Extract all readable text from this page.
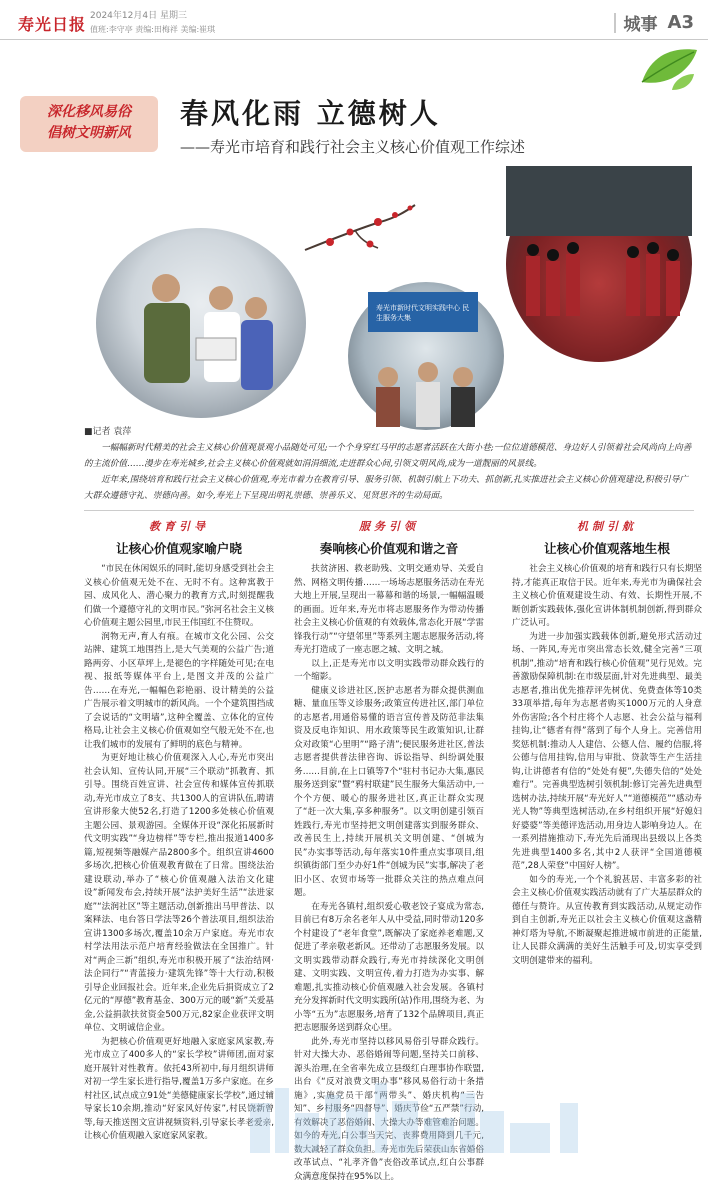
寿光日报 2024年12月4日 星期三
值班:李守亭 责编:田梅祥 美编:崔琪	城事 A3
深化移风易俗
倡树文明新风
春风化雨 立德树人
——寿光市培育和践行社会主义核心价值观工作综述
寿光市新时代文明实践中心 民生服务大集
■记者 袁萍

一幅幅新时代精美的社会主义核心价值观景观小品随处可见;一个个身穿红马甲的志愿者活跃在大街小巷;一位位道德模范、身边好人引领着社会风尚向上向善的主流价值……漫步在寿光城乡,社会主义核心价值观就如涓涓细流,走进群众心间,引领文明风尚,成为一道靓丽的风景线。

近年来,围绕培育和践行社会主义核心价值观,寿光市着力在教育引导、服务引领、机制引航上下功夫、抓创新,扎实推进社会主义核心价值观建设,积极引导广大群众遵德守礼、崇德向善。如今,寿光上下呈现出明礼崇德、崇善乐义、见贤思齐的生动局面。

教育引导
让核心价值观家喻户晓

“市民在休闲娱乐的同时,能切身感受到社会主义核心价值观无处不在、无时不有。这种寓教于园、成风化人、潜心聚力的教育方式,时刻提醒我们做一个遵德守礼的文明市民。”弥河名社会主义核心价值观主题公园里,市民王伟国红不住赞叹。

润物无声,育人有痕。在城市文化公园、公交站牌、建筑工地围挡上,是大气美观的公益广告;道路两旁、小区草坪上,是褪色的字样随处可见;在电视、报纸等媒体平台上,是图文并茂的公益广告……在寿光,一幅幅色彩艳丽、设计精美的公益广告展示着文明城市的新风尚。一个个建筑围挡成了会说话的“文明墙”,这种全覆盖、立体化的宣传格局,让社会主义核心价值观如空气般无处不在,也让我们城市的发展有了鲜明的底色与精神。

为更好地让核心价值观深入人心,寿光市突出社会认知、宣传认同,开展“三个联动”抓教育、抓引导。围绕百姓宣讲、社会宣传和媒体宣传抓联动,寿光市成立了8支、共1300人的宣讲队伍,聘请宣讲形象大使52名,打造了1200多处核心价值观主题公园、景观游园。全媒体开设“深化拓展新时代文明实践”“身边榜样”等专栏,推出报道1400多篇,短视频等融媒产品2800多个。组织宣讲4600多场次,把核心价值观教育做在了日常。围绕法治建设联动,举办了“核心价值观融入法治文化建设”新闻发布会,持续开展“法护美好生活”“法进家庭”“法润社区”等主题活动,创新推出马甲普法、以案释法、电台答日学法等26个普法项目,组织法治宣讲1300多场次,覆盖10余万户家庭。寿光市农村学法用法示范户培育经验做法在全国推广。针对“两企三新”组织,寿光市积极开展了“法治结网·法企同行”“青蓝接力·建筑先锋”等十大行动,积极引导企业回报社会。近年来,企业先后捐资成立了2亿元的“厚德”教育基金、300万元的暖“新”关爱基金,公益捐款扶贫资金500万元,82家企业获评文明单位、文明诚信企业。

为把核心价值观更好地融入家庭家风家教,寿光市成立了400多人的“家长学校”讲师团,面对家庭开展针对性教育。依托43所初中,每月组织讲师对初一学生家长进行指导,覆盖1万多户家庭。在乡村社区,试点成立91处“美德健康家长学校”,通过辅导家长10余期,推动“好家风好传家”,村民饶新曾等,每天推送图文宣讲视频资料,引导家长孝老爱亲,让核心价值观融入家庭家风家教。

服务引领
奏响核心价值观和谐之音

扶贫济困、救老助残、文明交通劝导、关爱自然、网格文明传播……一场场志愿服务活动在寿光大地上开展,呈现出一幕幕和谐的场景,一幅幅温暖的画面。近年来,寿光市将志愿服务作为带动传播社会主义核心价值观的有效载体,常态化开展“学雷锋我行动”“守望邻里”等系列主题志愿服务活动,将寿光打造成了一座志愿之城、文明之城。

以上,正是寿光市以文明实践带动群众践行的一个缩影。

健康义诊进社区,医护志愿者为群众提供测血糖、量血压等义诊服务;政策宣传进社区,部门单位的志愿者,用通俗易懂的语言宣传普及防范非法集资及反电诈知识、用水政策等民生政策知识,让群众对政策“心里明”“路子清”;便民服务进社区,普法志愿者提供普法律咨询、诉讼指导、纠纷调处服务……目前,在上口镇等7个“驻村书记办大集,惠民服务送到家”暨“鸦村联建”民生服务大集活动中,一个个方便、暖心的服务进社区,真正让群众实现了“赶一次大集,享多种服务”。以文明创建引领百姓践行,寿光市坚持把文明创建落实到服务群众、改善民生上,持续开展机关文明创建、“创城为民”办实事等活动,每年落实10件重点实事项目,组织镇街部门至少办好1件“创城为民”实事,解决了老旧小区、农贸市场等一批群众关注的热点难点问题。

在寿光各镇村,组织爱心敬老饺子宴成为常态,目前已有8万余名老年人从中受益,同时带动120多个村建设了“老年食堂”,既解决了家庭养老难题,又促进了孝亲敬老新风。还带动了志愿服务发展。以文明实践带动群众践行,寿光市持续深化文明创建、文明实践、文明宣传,着力打造为办实事、解难题,扎实推动核心价值观融入社会发展。各镇村充分发挥新时代文明实践所(站)作用,围绕为老、为小等“五为”志愿服务,培育了132个品牌项目,真正把志愿服务送到群众心里。

此外,寿光市坚持以移风易俗引导群众践行。针对大操大办、恶俗婚闹等问题,坚持关口前移、源头治理,在全省率先成立县级红白理事协作联盟,出台《“反对浪费文明办事”移风易俗行动十条措施》,实施党员干部“两带头”、婚庆机构“三告知”、乡村服务“四督导”、婚庆节俭“五严禁”行动,有效解决了恶俗婚闹、大操大办等难管难治问题。如今的寿光,白公事当天完、丧葬费用降到几千元,数大减轻了群众负担。寿光市先后荣获山东省婚俗改革试点、“礼孝齐鲁”丧俗改革试点,红白公事群众满意度保持在95%以上。

机制引航
让核心价值观落地生根

社会主义核心价值观的培育和践行只有长期坚持,才能真正取信于民。近年来,寿光市为确保社会主义核心价值观建设生动、有效、长期性开展,不断创新实践载体,强化宣讲体制机制创新,得到群众广泛认可。

为进一步加强实践载体创新,避免形式活动过场、一阵风,寿光市突出常态长效,健全完善“三项机制”,推动“培育和践行核心价值观”见行见效。完善激励保障机制:在市级层面,针对先进典型、最美志愿者,推出优先推荐评先树优、免费查体等10类33项举措,每年为志愿者购买1000万元的人身意外伤害险;各个村庄将个人志愿、社会公益与福利挂钩,让“德者有得”落到了每个人身上。完善信用奖惩机制:推动人人建信、公德人信、履约信服,将公德与信用挂钩,信用与审批、贷款等生产生活挂钩,让讲德者有信的“处处有便”,失德失信的“处处难行”。完善典型选树引领机制:修订完善先进典型选树办法,持续开展“寿光好人”“道德模范”“感动寿光人物”等典型选树活动,在乡村组织开展“好媳妇好婆婆”等美德评选活动,用身边人影响身边人。在一系列措施推动下,寿光先后涌现出县级以上各类先进典型1400多名,其中2人获评“全国道德模范”,28人荣登“中国好人榜”。

如今的寿光,一个个礼貌甚居、丰富多彩的社会主义核心价值观实践活动就有了广大基层群众的德任与赞许。从宣传教育到实践活动,从规定动作到自主创新,寿光正以社会主义核心价值观这盏精神灯塔为导航,不断凝聚起推进城市前进的正能量,让人民群众满满的美好生活触手可及,切实享受到文明创建带来的福利。
